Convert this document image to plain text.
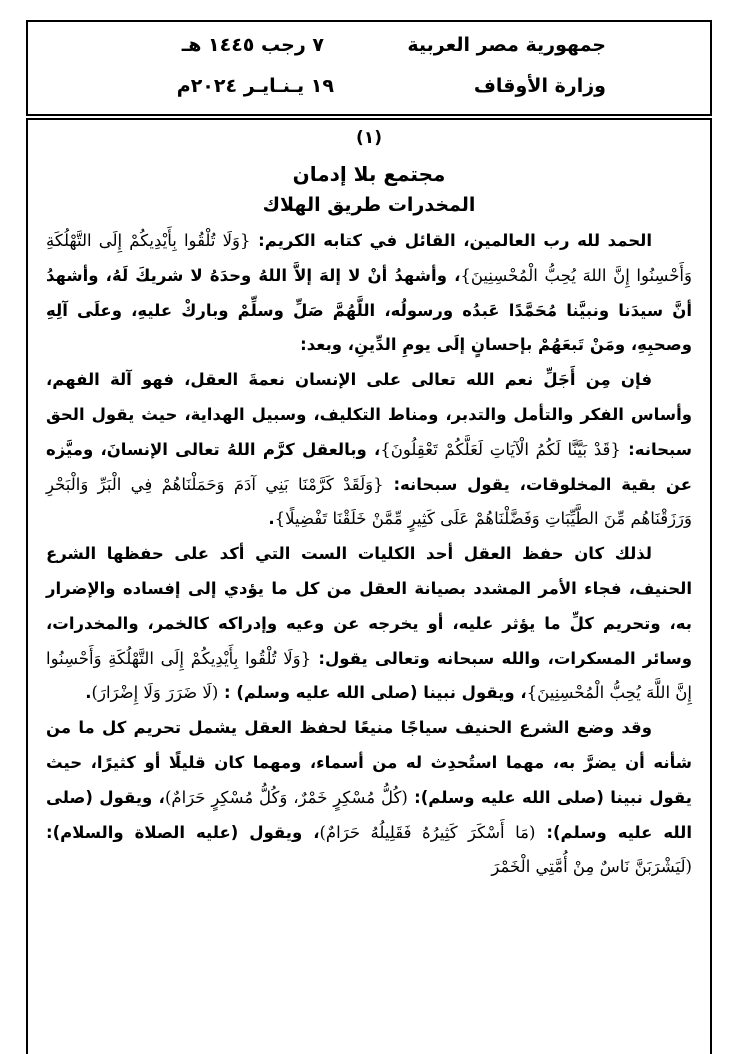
جمهورية مصر العربية
وزارة الأوقاف
٧ رجب ١٤٤٥ هـ
١٩ يـنـايـر ٢٠٢٤م
(١)
مجتمع بلا إدمان
المخدرات طريق الهلاك

الحمد لله رب العالمين، القائل في كتابه الكريم: {وَلَا تُلْقُوا بِأَيْدِيكُمْ إِلَى التَّهْلُكَةِ وَأَحْسِنُوا إِنَّ اللهَ يُحِبُّ الْمُحْسِنِينَ}، وأشهدُ أنْ لا إلهَ إلاَّ اللهُ وحدَهُ لا شريكَ لَهُ، وأشهدُ أنَّ سيدَنا ونبيَّنا مُحَمَّدًا عَبدُه ورسولُه، اللَّهُمَّ صَلِّ وسلِّمْ وباركْ عليهِ، وعلَى آلِهِ وصحبِهِ، ومَنْ تَبعَهُمْ بإحسانٍ إلَى يومِ الدِّينِ، وبعد:

فإن مِن أَجَلِّ نعم الله تعالى على الإنسان نعمةَ العقل، فهو آلة الفهم، وأساس الفكر والتأمل والتدبر، ومناط التكليف، وسبيل الهداية، حيث يقول الحق سبحانه: {قَدْ بَيَّنَّا لَكُمُ الْآيَاتِ لَعَلَّكُمْ تَعْقِلُونَ}، وبالعقل كرَّم اللهُ تعالى الإنسانَ، وميَّزه عن بقية المخلوقات، يقول سبحانه: {وَلَقَدْ كَرَّمْنَا بَنِي آدَمَ وَحَمَلْنَاهُمْ فِي الْبَرِّ وَالْبَحْرِ وَرَزَقْنَاهُم مِّنَ الطَّيِّبَاتِ وَفَضَّلْنَاهُمْ عَلَى كَثِيرٍ مِّمَّنْ خَلَقْنَا تَفْضِيلًا}.

لذلك كان حفظ العقل أحد الكليات الست التي أكد على حفظها الشرع الحنيف، فجاء الأمر المشدد بصيانة العقل من كل ما يؤدي إلى إفساده والإضرار به، وتحريم كلِّ ما يؤثر عليه، أو يخرجه عن وعيه وإدراكه كالخمر، والمخدرات، وسائر المسكرات، والله سبحانه وتعالى يقول: {وَلَا تُلْقُوا بِأَيْدِيكُمْ إِلَى التَّهْلُكَةِ وَأَحْسِنُوا إِنَّ اللَّهَ يُحِبُّ الْمُحْسِنِينَ}، ويقول نبينا (صلى الله عليه وسلم) : (لَا ضَرَرَ وَلَا إِضْرَارَ).

وقد وضع الشرع الحنيف سياجًا منيعًا لحفظ العقل يشمل تحريم كل ما من شأنه أن يضرَّ به، مهما استُحدِث له من أسماء، ومهما كان قليلًا أو كثيرًا، حيث يقول نبينا (صلى الله عليه وسلم): (كُلُّ مُسْكِرٍ خَمْرٌ، وَكُلُّ مُسْكِرٍ حَرَامٌ)، ويقول (صلى الله عليه وسلم): (مَا أَسْكَرَ كَثِيرُهُ فَقَلِيلُهُ حَرَامٌ)، ويقول (عليه الصلاة والسلام): (لَيَشْرَبَنَّ نَاسٌ مِنْ أُمَّتِي الْخَمْرَ
